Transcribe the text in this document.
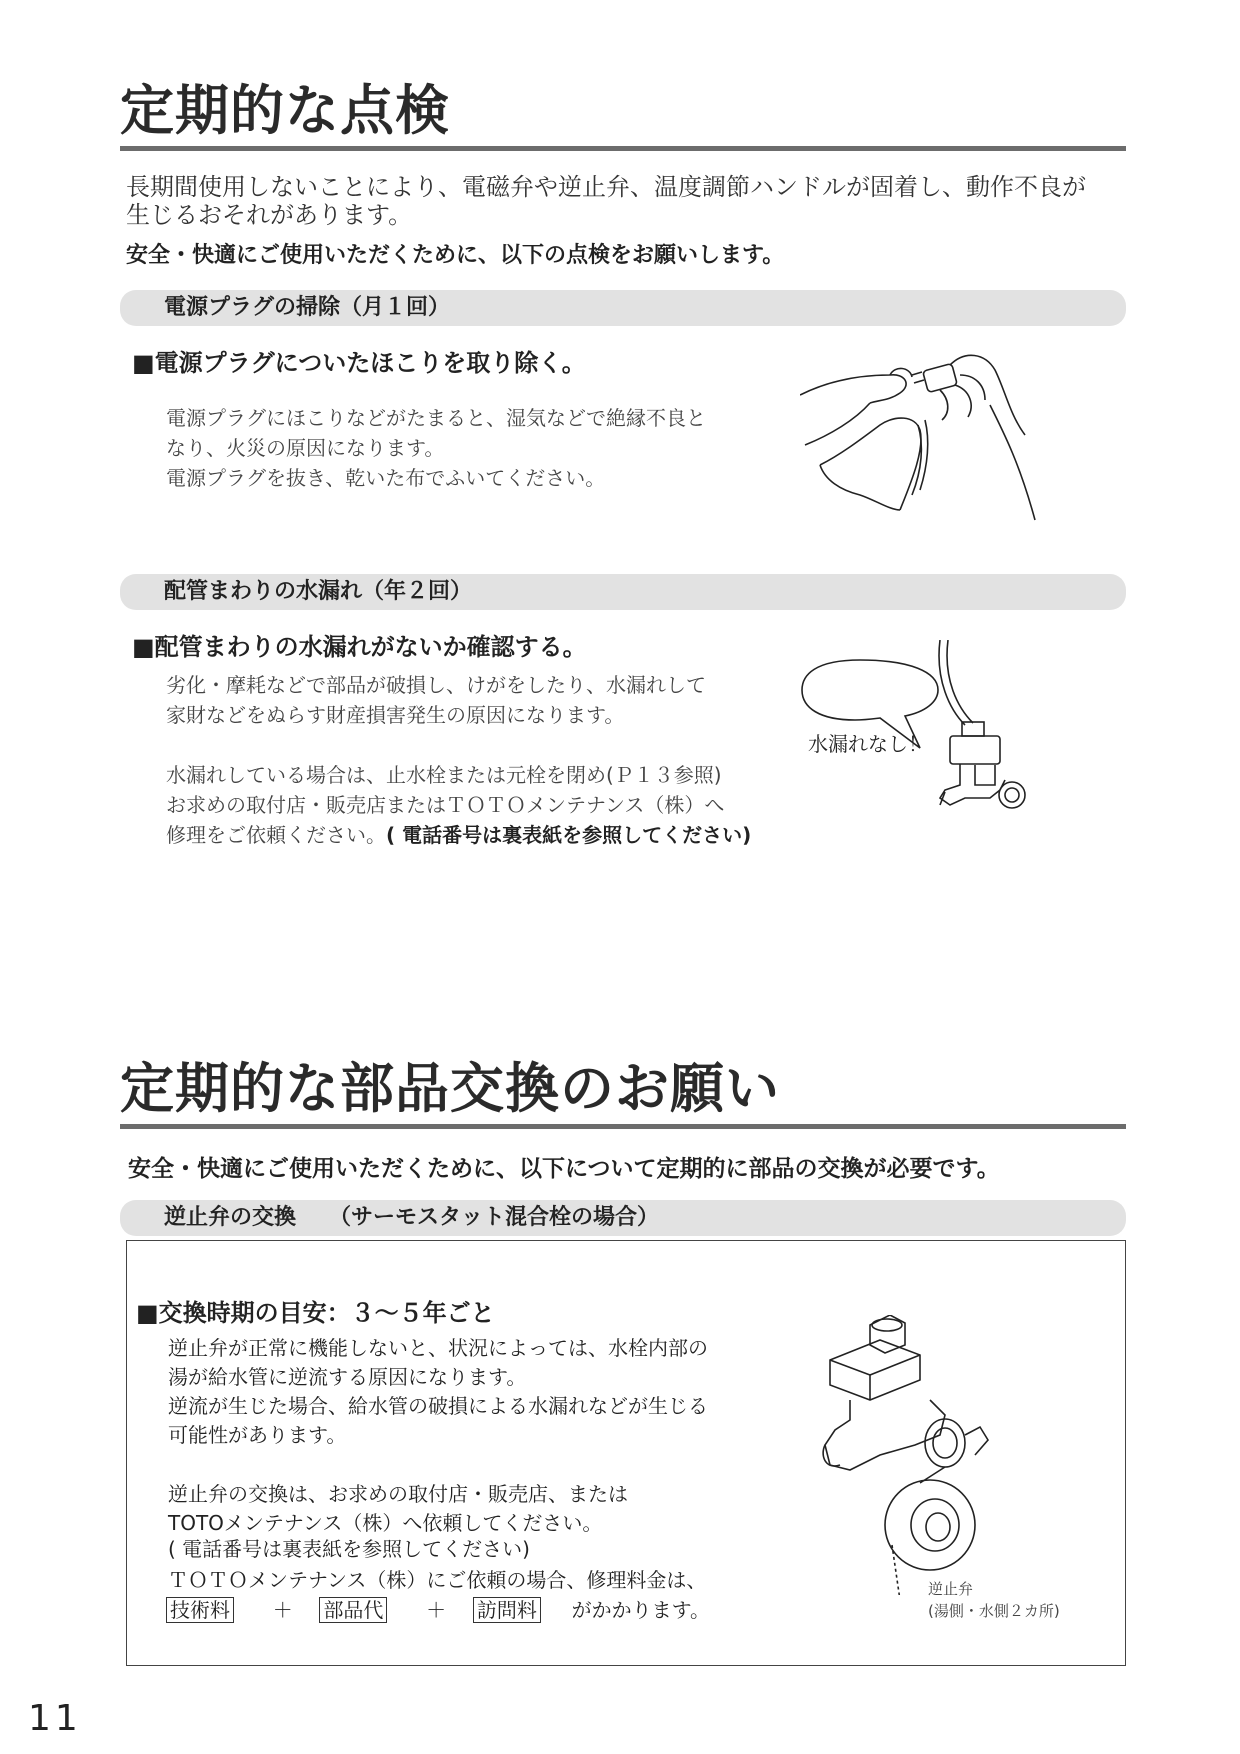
定期的な点検
長期間使用しないことにより、電磁弁や逆止弁、温度調節ハンドルが固着し、動作不良が
生じるおそれがあります。
安全・快適にご使用いただくために、以下の点検をお願いします。
電源プラグの掃除（月１回）
■電源プラグについたほこりを取り除く。
電源プラグにほこりなどがたまると、湿気などで絶縁不良と
なり、火災の原因になります。
電源プラグを抜き、乾いた布でふいてください。
配管まわりの水漏れ（年２回）
■配管まわりの水漏れがないか確認する。
劣化・摩耗などで部品が破損し、けがをしたり、水漏れして
家財などをぬらす財産損害発生の原因になります。
水漏れしている場合は、止水栓または元栓を閉め(Ｐ１３参照)
お求めの取付店・販売店またはＴＯＴＯメンテナンス（株）へ
修理をご依頼ください。( 電話番号は裏表紙を参照してください)
水漏れなし！
定期的な部品交換のお願い
安全・快適にご使用いただくために、以下について定期的に部品の交換が必要です。
逆止弁の交換　　（サーモスタット混合栓の場合）
■交換時期の目安：３～５年ごと
逆止弁が正常に機能しないと、状況によっては、水栓内部の
湯が給水管に逆流する原因になります。
逆流が生じた場合、給水管の破損による水漏れなどが生じる
可能性があります。
逆止弁の交換は、お求めの取付店・販売店、または
TOTOメンテナンス（株）へ依頼してください。
( 電話番号は裏表紙を参照してください)
ＴＯＴＯメンテナンス（株）にご依頼の場合、修理料金は、
技術料 ＋ 部品代 ＋ 訪問料 がかかります。
逆止弁
(湯側・水側２カ所)
11
